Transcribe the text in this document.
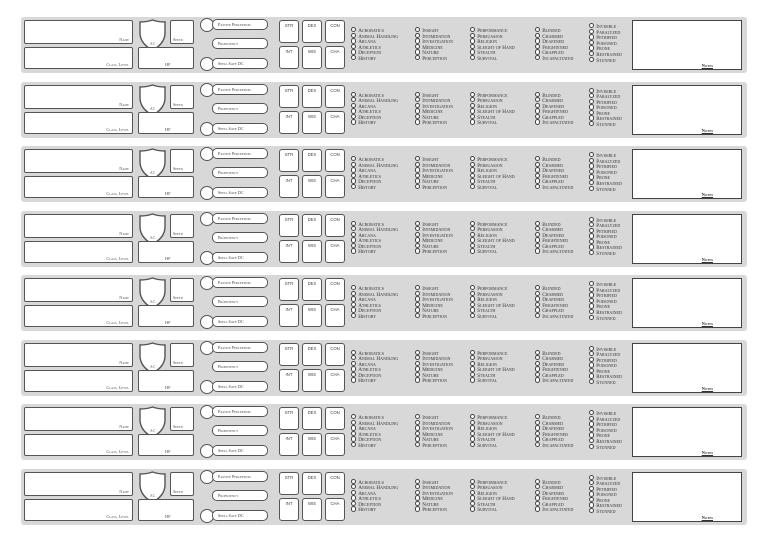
Name
Class, Level
AC
Speed
HP
Passive Perception
Proficiency
Spell Save DC
STR	DEX	CON
INT	WIS	CHA
Acrobatics
Animal Handling
Arcana
Athletics
Deception
History
Insight
Intimidation
Investigation
Medicine
Nature
Perception
Performance
Persuasion
Religion
Sleight of Hand
Stealth
Survival
Blinded
Charmed
Deafened
Frightened
Grappled
Incapacitated
Invisible
Paralyzed
Petrified
Poisoned
Prone
Restrained
Stunned
Notes
Name
Class, Level
AC
Speed
HP
Passive Perception
Proficiency
Spell Save DC
STR	DEX	CON
INT	WIS	CHA
Acrobatics
Animal Handling
Arcana
Athletics
Deception
History
Insight
Intimidation
Investigation
Medicine
Nature
Perception
Performance
Persuasion
Religion
Sleight of Hand
Stealth
Survival
Blinded
Charmed
Deafened
Frightened
Grappled
Incapacitated
Invisible
Paralyzed
Petrified
Poisoned
Prone
Restrained
Stunned
Notes
Name
Class, Level
AC
Speed
HP
Passive Perception
Proficiency
Spell Save DC
STR	DEX	CON
INT	WIS	CHA
Acrobatics
Animal Handling
Arcana
Athletics
Deception
History
Insight
Intimidation
Investigation
Medicine
Nature
Perception
Performance
Persuasion
Religion
Sleight of Hand
Stealth
Survival
Blinded
Charmed
Deafened
Frightened
Grappled
Incapacitated
Invisible
Paralyzed
Petrified
Poisoned
Prone
Restrained
Stunned
Notes
Name
Class, Level
AC
Speed
HP
Passive Perception
Proficiency
Spell Save DC
STR	DEX	CON
INT	WIS	CHA
Acrobatics
Animal Handling
Arcana
Athletics
Deception
History
Insight
Intimidation
Investigation
Medicine
Nature
Perception
Performance
Persuasion
Religion
Sleight of Hand
Stealth
Survival
Blinded
Charmed
Deafened
Frightened
Grappled
Incapacitated
Invisible
Paralyzed
Petrified
Poisoned
Prone
Restrained
Stunned
Notes
Name
Class, Level
AC
Speed
HP
Passive Perception
Proficiency
Spell Save DC
STR	DEX	CON
INT	WIS	CHA
Acrobatics
Animal Handling
Arcana
Athletics
Deception
History
Insight
Intimidation
Investigation
Medicine
Nature
Perception
Performance
Persuasion
Religion
Sleight of Hand
Stealth
Survival
Blinded
Charmed
Deafened
Frightened
Grappled
Incapacitated
Invisible
Paralyzed
Petrified
Poisoned
Prone
Restrained
Stunned
Notes
Name
Class, Level
AC
Speed
HP
Passive Perception
Proficiency
Spell Save DC
STR	DEX	CON
INT	WIS	CHA
Acrobatics
Animal Handling
Arcana
Athletics
Deception
History
Insight
Intimidation
Investigation
Medicine
Nature
Perception
Performance
Persuasion
Religion
Sleight of Hand
Stealth
Survival
Blinded
Charmed
Deafened
Frightened
Grappled
Incapacitated
Invisible
Paralyzed
Petrified
Poisoned
Prone
Restrained
Stunned
Notes
Name
Class, Level
AC
Speed
HP
Passive Perception
Proficiency
Spell Save DC
STR	DEX	CON
INT	WIS	CHA
Acrobatics
Animal Handling
Arcana
Athletics
Deception
History
Insight
Intimidation
Investigation
Medicine
Nature
Perception
Performance
Persuasion
Religion
Sleight of Hand
Stealth
Survival
Blinded
Charmed
Deafened
Frightened
Grappled
Incapacitated
Invisible
Paralyzed
Petrified
Poisoned
Prone
Restrained
Stunned
Notes
Name
Class, Level
AC
Speed
HP
Passive Perception
Proficiency
Spell Save DC
STR	DEX	CON
INT	WIS	CHA
Acrobatics
Animal Handling
Arcana
Athletics
Deception
History
Insight
Intimidation
Investigation
Medicine
Nature
Perception
Performance
Persuasion
Religion
Sleight of Hand
Stealth
Survival
Blinded
Charmed
Deafened
Frightened
Grappled
Incapacitated
Invisible
Paralyzed
Petrified
Poisoned
Prone
Restrained
Stunned
Notes
